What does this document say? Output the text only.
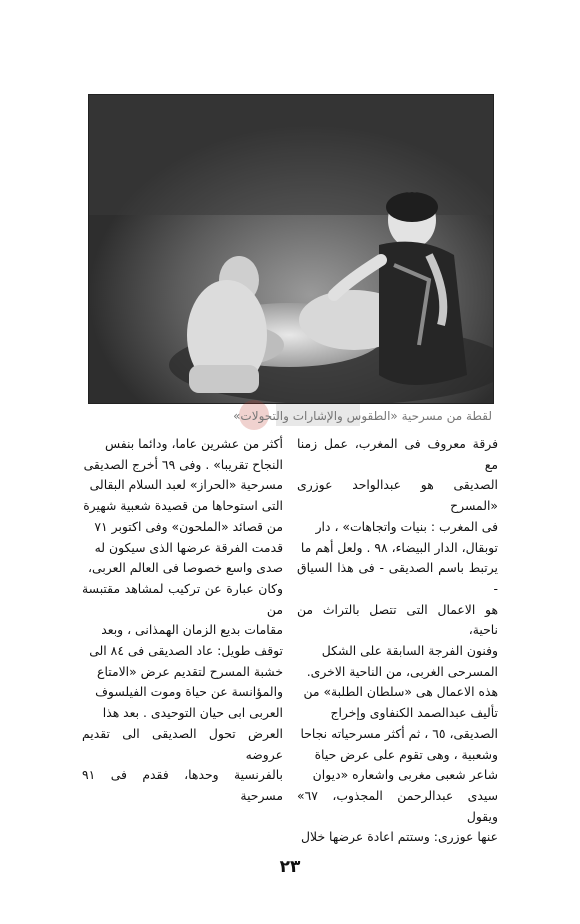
لقطة من مسرحية «الطقوس والإشارات والتحولات»
فرقة معروف فى المغرب، عمل زمنا مع
الصديقى هو عبدالواحد عوزرى «المسرح
فى المغرب : بنيات واتجاهات» ، دار
توبقال، الدار البيضاء، ٩٨ . ولعل أهم ما
يرتبط باسم الصديقى - فى هذا السياق -
هو الاعمال التى تتصل بالتراث من ناحية،
وفنون الفرجة السابقة على الشكل
المسرحى الغربى، من الناحية الاخرى.
هذه الاعمال هى «سلطان الطلبة» من
تأليف عبدالصمد الكنفاوى وإخراج
الصديقى، ٦٥ ، ثم أكثر مسرحياته نجاحا
وشعبية ، وهى تقوم على عرض حياة
شاعر شعبى مغربى واشعاره «ديوان
سيدى عبدالرحمن المجذوب، ٦٧» ويقول
عنها عوزرى: وستتم اعادة عرضها خلال
أكثر من عشرين عاما، ودائما بنفس
النجاح تقريبا» . وفى ٦٩ أخرج الصديقى
مسرحية «الحراز» لعبد السلام البقالى
التى استوحاها من قصيدة شعبية شهيرة
من قصائد «الملحون» وفى اكتوبر ٧١
قدمت الفرقة عرضها الذى سيكون له
صدى واسع خصوصا فى العالم العربى،
وكان عبارة عن تركيب لمشاهد مقتبسة من
مقامات بديع الزمان الهمذانى ، وبعد
توقف طويل: عاد الصديقى فى ٨٤ الى
خشبة المسرح لتقديم عرض «الامتاع
والمؤانسة عن حياة وموت الفيلسوف
العربى ابى حيان التوحيدى . بعد هذا
العرض تحول الصديقى الى تقديم عروضه
بالفرنسية وحدها، فقدم فى ٩١ مسرحية
٢٣
